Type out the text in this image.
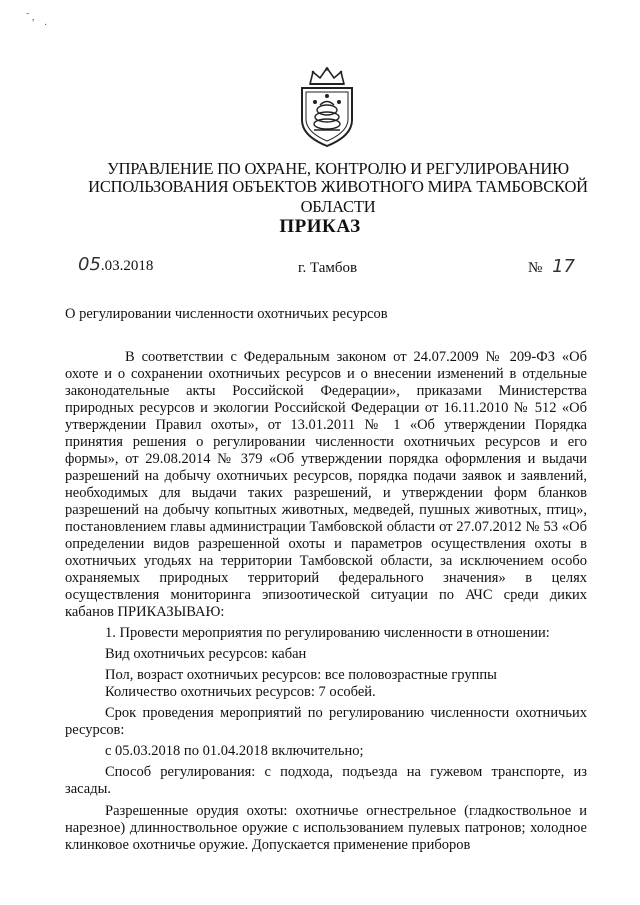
˜ ,
·
УПРАВЛЕНИЕ ПО ОХРАНЕ, КОНТРОЛЮ И РЕГУЛИРОВАНИЮ
ИСПОЛЬЗОВАНИЯ ОБЪЕКТОВ ЖИВОТНОГО МИРА ТАМБОВСКОЙ ОБЛАСТИ
ПРИКАЗ
05.03.2018	г. Тамбов	№ 17
О регулировании численности охотничьих ресурсов

В соответствии с Федеральным законом от 24.07.2009 № 209-ФЗ «Об охоте и о сохранении охотничьих ресурсов и о внесении изменений в отдельные законодательные акты Российской Федерации», приказами Министерства природных ресурсов и экологии Российской Федерации от 16.11.2010 № 512 «Об утверждении Правил охоты», от 13.01.2011 № 1 «Об утверждении Порядка принятия решения о регулировании численности охотничьих ресурсов и его формы», от 29.08.2014 № 379 «Об утверждении порядка оформления и выдачи разрешений на добычу охотничьих ресурсов, порядка подачи заявок и заявлений, необходимых для выдачи таких разрешений, и утверждении форм бланков разрешений на добычу копытных животных, медведей, пушных животных, птиц», постановлением главы администрации Тамбовской области от 27.07.2012 № 53 «Об определении видов разрешенной охоты и параметров осуществления охоты в охотничьих угодьях на территории Тамбовской области, за исключением особо охраняемых природных территорий федерального значения» в целях осуществления мониторинга эпизоотической ситуации по АЧС среди диких кабанов ПРИКАЗЫВАЮ:

1. Провести мероприятия по регулированию численности в отношении:

Вид охотничьих ресурсов: кабан

Пол, возраст охотничьих ресурсов: все половозрастные группы

Количество охотничьих ресурсов: 7 особей.

Срок проведения мероприятий по регулированию численности охотничьих ресурсов:

с 05.03.2018 по 01.04.2018 включительно;

Способ регулирования: с подхода, подъезда на гужевом транспорте, из засады.

Разрешенные орудия охоты: охотничье огнестрельное (гладкоствольное и нарезное) длинноствольное оружие с использованием пулевых патронов; холодное клинковое охотничье оружие. Допускается применение приборов
